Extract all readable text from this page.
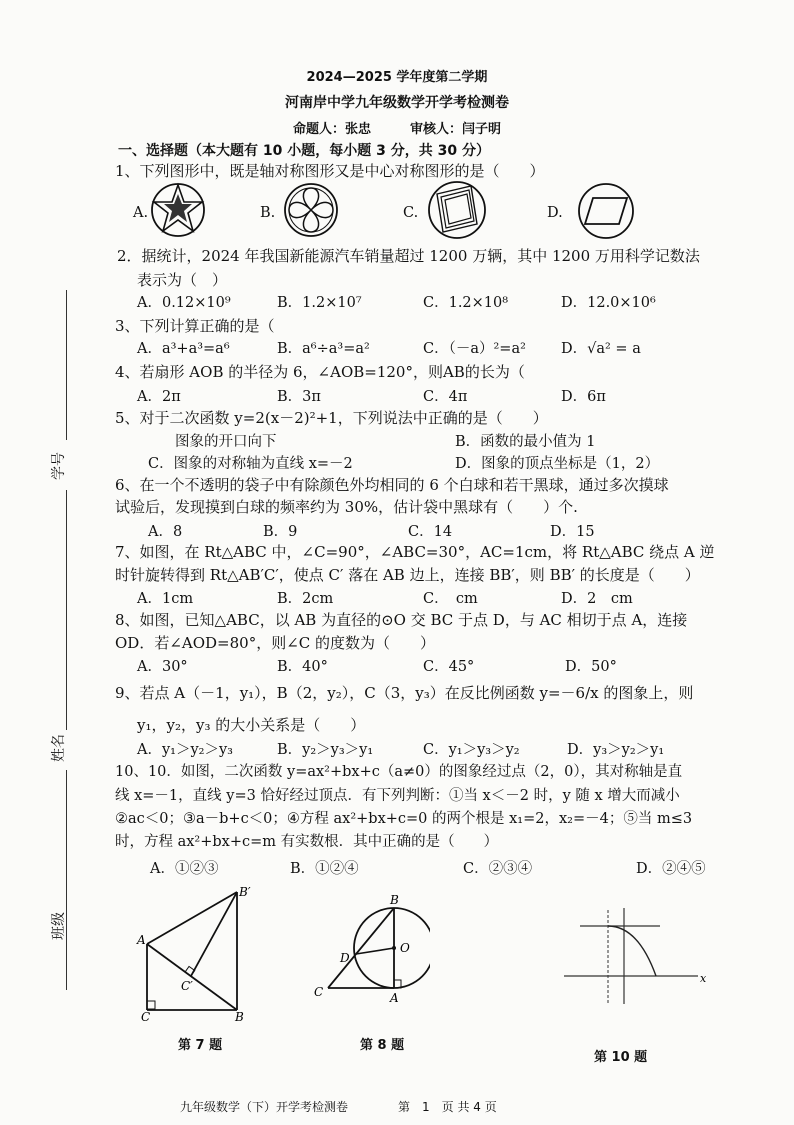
2024—2025 学年度第二学期
河南岸中学九年级数学开学考检测卷
命题人：张忠　　　审核人：闫子明
学号
姓名
班级
一、选择题（本大题有 10 小题，每小题 3 分，共 30 分）
1、下列图形中，既是轴对称图形又是中心对称图形的是（　　）
A.	B.	C.	D.
2．据统计，2024 年我国新能源汽车销量超过 1200 万辆，其中 1200 万用科学记数法
表示为（　）
A．0.12×10⁹	B．1.2×10⁷	C．1.2×10⁸	D．12.0×10⁶
3、下列计算正确的是（
A．a³+a³=a⁶	B．a⁶÷a³=a²	C．（－a）²=a² D．√a² = a
4、若扇形 AOB 的半径为 6，∠AOB=120°，则AB的长为（
A．2π	B．3π	C．4π	D．6π
5、对于二次函数 y=2(x－2)²+1，下列说法中正确的是（　　）
图象的开口向下	B．函数的最小值为 1
C．图象的对称轴为直线 x=－2	D．图象的顶点坐标是（1，2）
6、在一个不透明的袋子中有除颜色外均相同的 6 个白球和若干黑球，通过多次摸球
试验后，发现摸到白球的频率约为 30%，估计袋中黑球有（　　）个.
A．8	B．9	C．14	D．15
7、如图，在 Rt△ABC 中，∠C=90°，∠ABC=30°，AC=1cm，将 Rt△ABC 绕点 A 逆
时针旋转得到 Rt△AB′C′，使点 C′ 落在 AB 边上，连接 BB′，则 BB′ 的长度是（　　）
A．1cm	B．2cm	C．　cm	D．2　cm
8、如图，已知△ABC，以 AB 为直径的⊙O 交 BC 于点 D，与 AC 相切于点 A，连接
OD．若∠AOD=80°，则∠C 的度数为（　　）
A．30°	B．40°	C．45°	D．50°
9、若点 A（－1，y₁），B（2，y₂），C（3，y₃）在反比例函数 y=－6/x 的图象上，则
y₁，y₂，y₃ 的大小关系是（　　）
A．y₁＞y₂＞y₃	B．y₂＞y₃＞y₁	C．y₁＞y₃＞y₂	D．y₃＞y₂＞y₁
10、10．如图，二次函数 y=ax²+bx+c（a≠0）的图象经过点（2，0），其对称轴是直
线 x=－1，直线 y=3 恰好经过顶点．有下列判断：①当 x＜－2 时，y 随 x 增大而减小
②ac＜0；③a－b+c＜0；④方程 ax²+bx+c=0 的两个根是 x₁=2，x₂=－4；⑤当 m≤3
时，方程 ax²+bx+c=m 有实数根．其中正确的是（　　）
A．①②③	B．①②④	C．②③④	D．②④⑤
B′
A
C′
C	B
第 7 题
B
O
D
C	A
第 8 题
x
第 10 题
九年级数学（下）开学考检测卷	第　1　页 共 4 页
